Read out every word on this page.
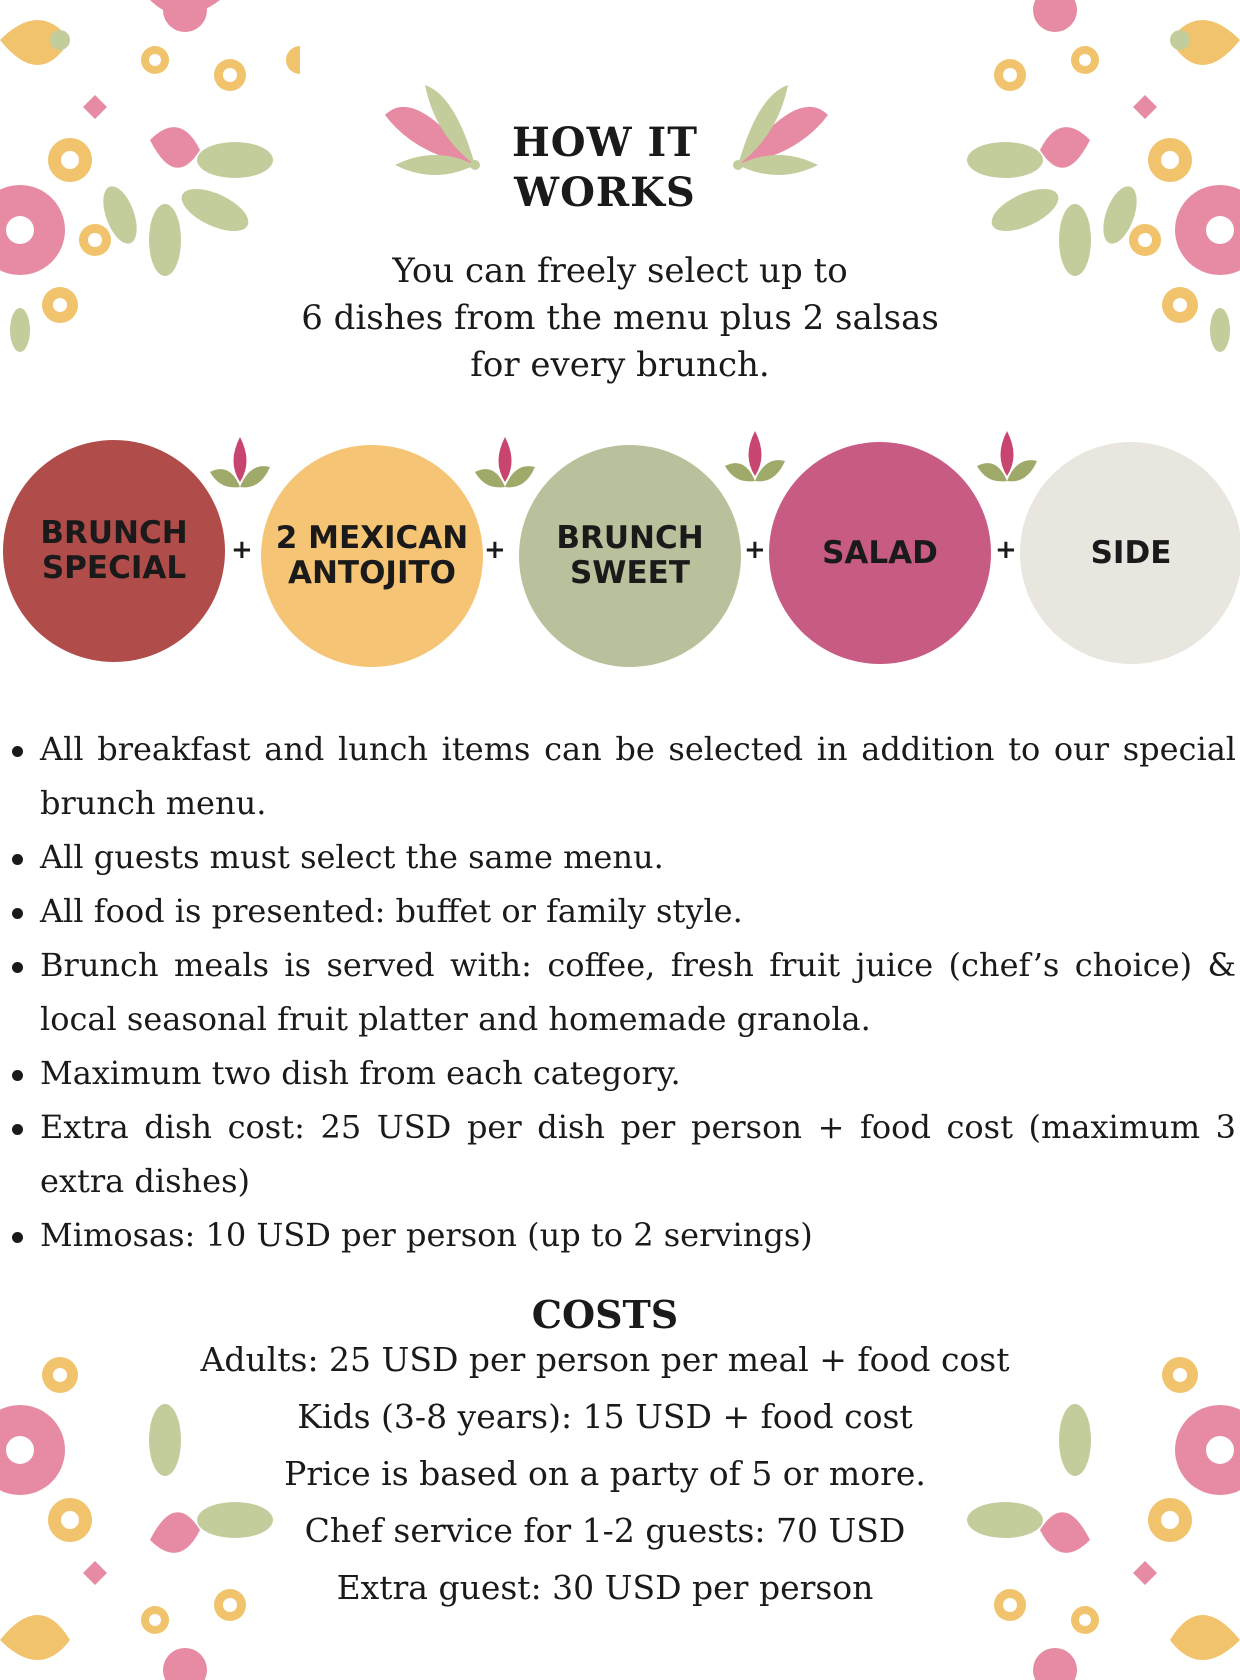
HOW IT
WORKS
You can freely select up to
6 dishes from the menu plus 2 salsas
for every brunch.
BRUNCH
SPECIAL
2 MEXICAN
ANTOJITO
BRUNCH
SWEET
SALAD	SIDE
+	+	+	+
All breakfast and lunch items can be selected in addition to our special brunch menu.
All guests must select the same menu.
All food is presented: buffet or family style.
Brunch meals is served with: coffee, fresh fruit juice (chef’s choice) & local seasonal fruit platter and homemade granola.
Maximum two dish from each category.
Extra dish cost: 25 USD per dish per person + food cost (maximum 3 extra dishes)
Mimosas: 10 USD per person (up to 2 servings)
COSTS
Adults: 25 USD per person per meal + food cost
Kids (3-8 years): 15 USD + food cost
Price is based on a party of 5 or more.
Chef service for 1-2 guests: 70 USD
Extra guest: 30 USD per person
